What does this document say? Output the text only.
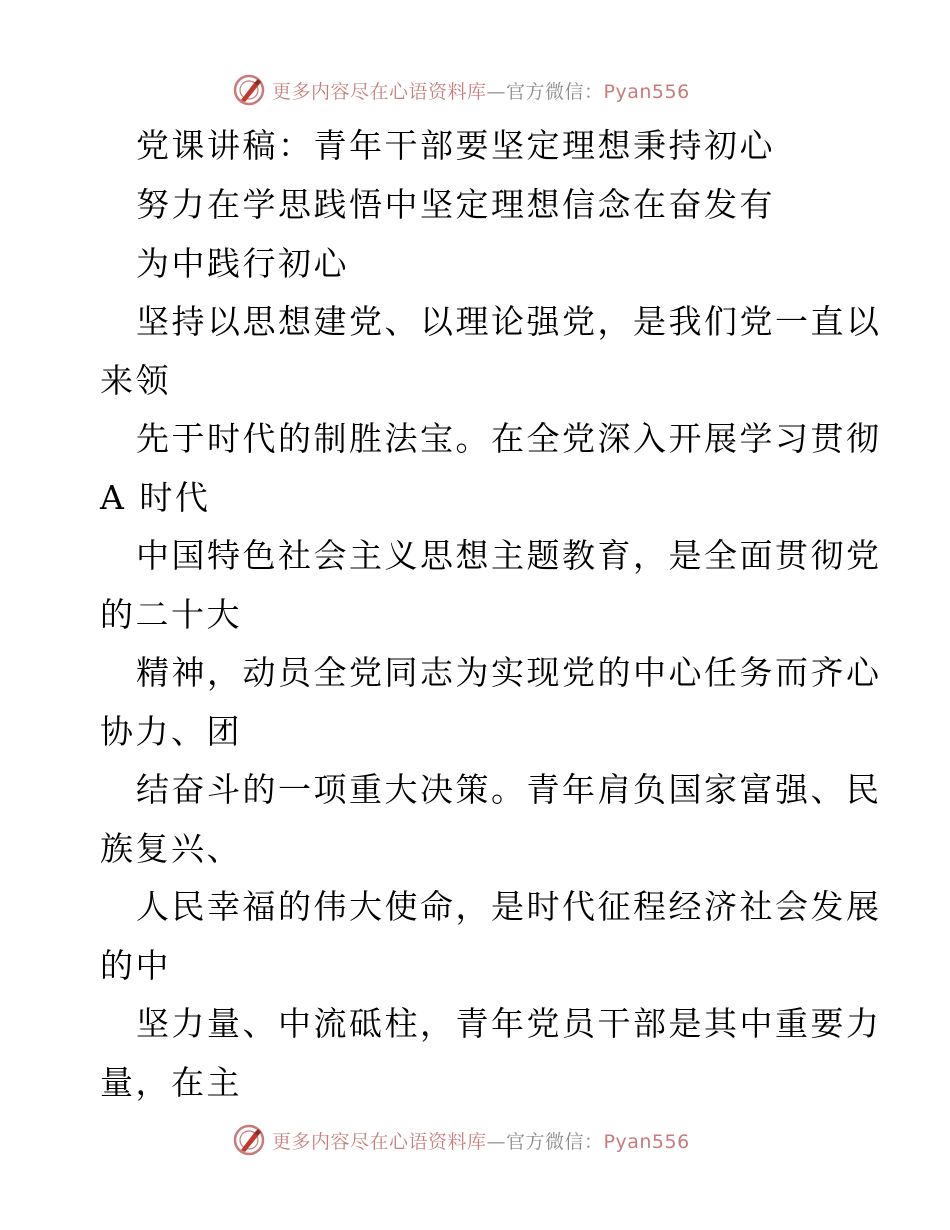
更多内容尽在心语资料库—官方微信：Pyan556
党课讲稿：青年干部要坚定理想秉持初心
努力在学思践悟中坚定理想信念在奋发有
为中践行初心
坚持以思想建党、以理论强党，是我们党一直以
来领
先于时代的制胜法宝。在全党深入开展学习贯彻
A 时代
中国特色社会主义思想主题教育，是全面贯彻党
的二十大
精神，动员全党同志为实现党的中心任务而齐心
协力、团
结奋斗的一项重大决策。青年肩负国家富强、民
族复兴、
人民幸福的伟大使命，是时代征程经济社会发展
的中
坚力量、中流砥柱，青年党员干部是其中重要力
量，在主
更多内容尽在心语资料库—官方微信：Pyan556
